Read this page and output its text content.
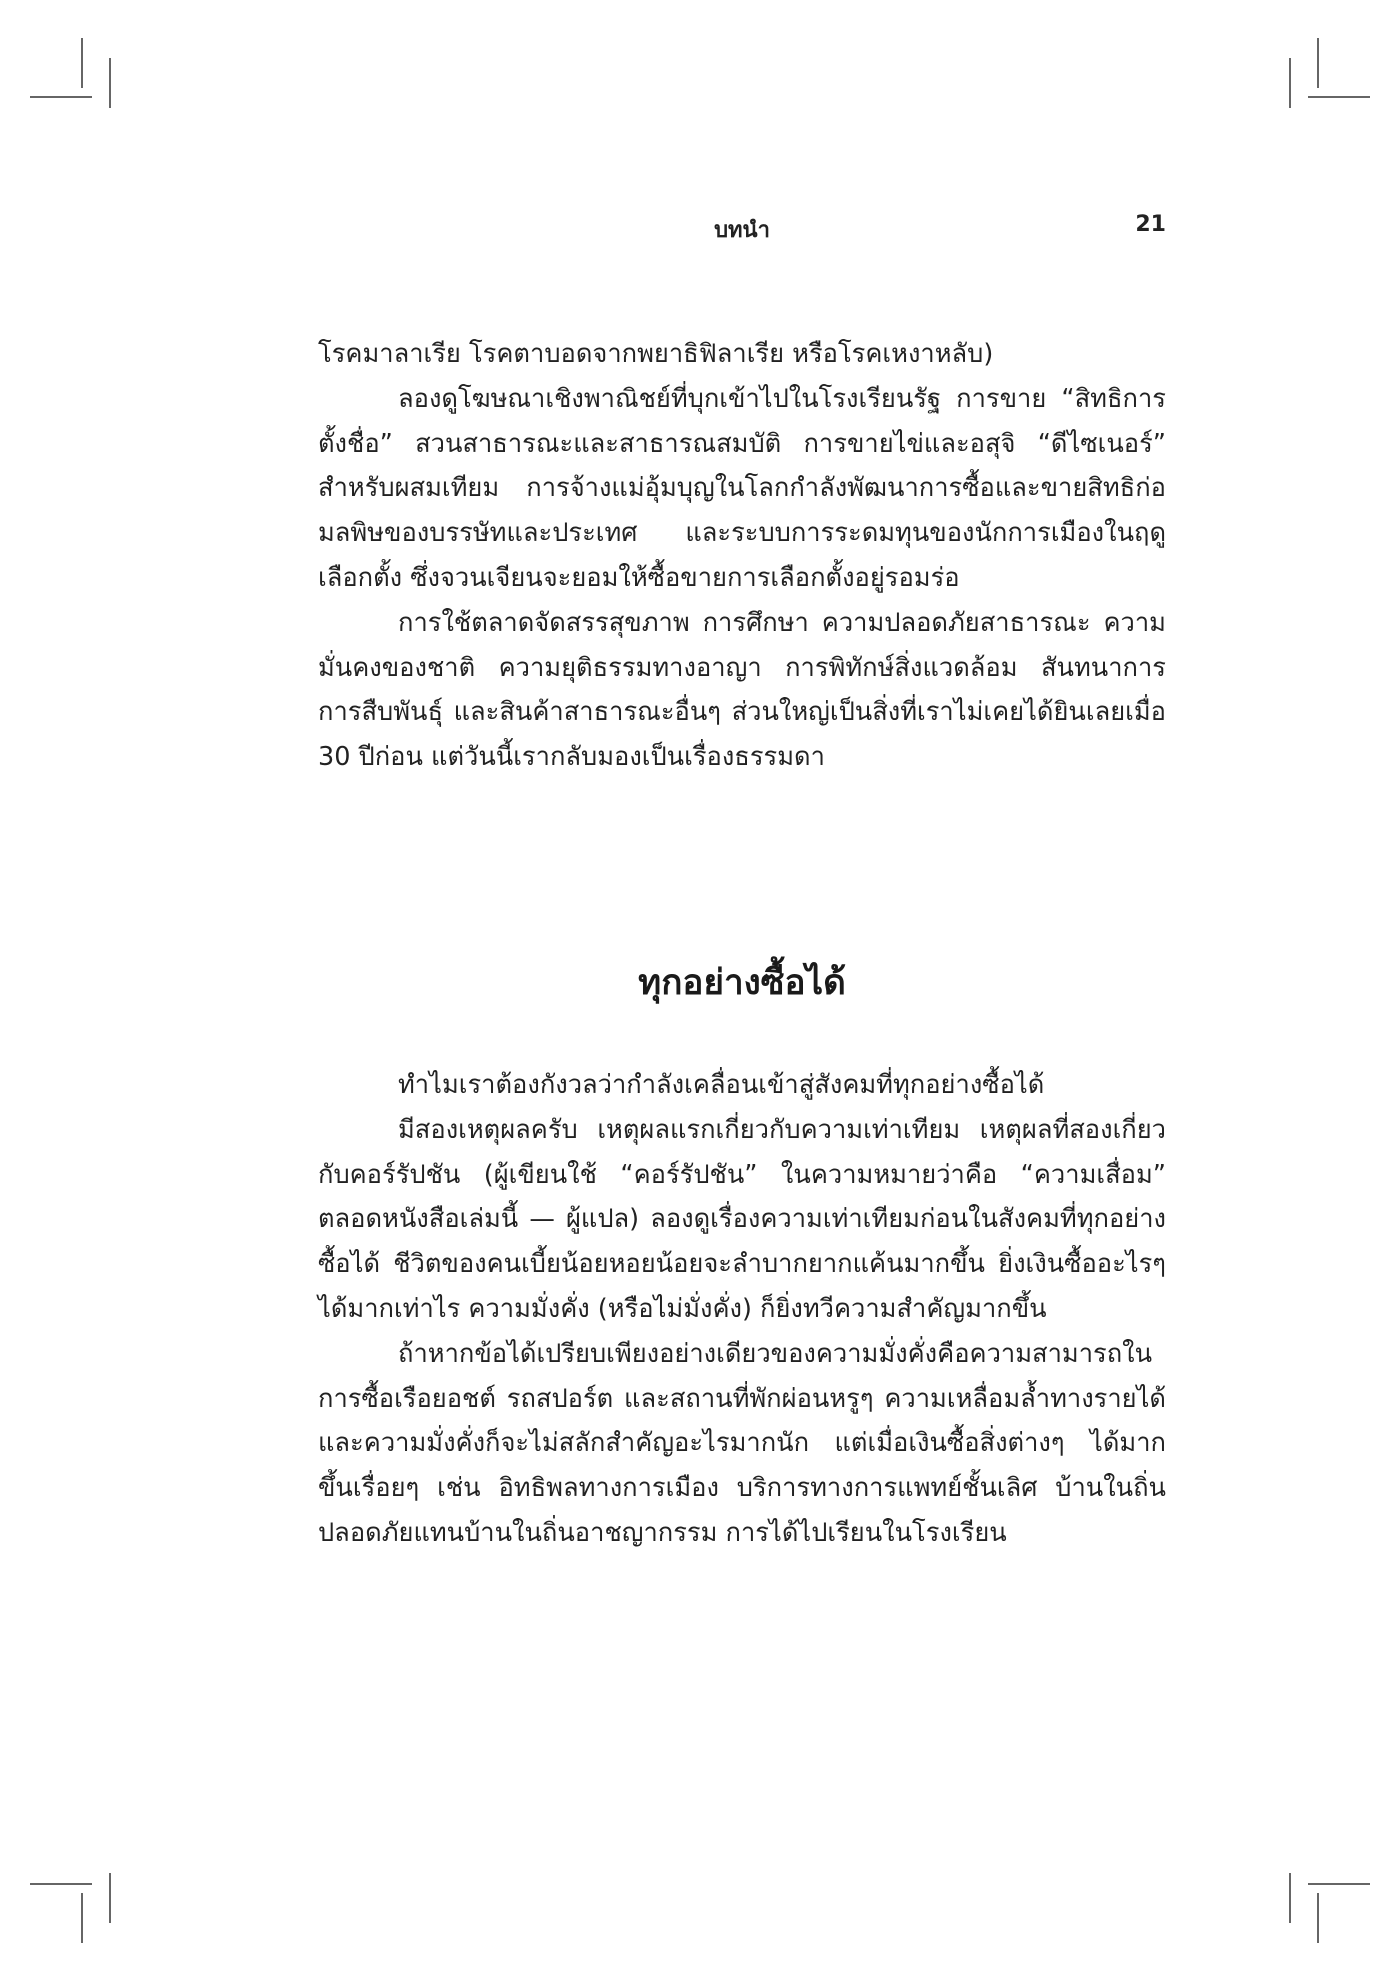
บทนำ	21

โรคมาลาเรีย โรคตาบอดจากพยาธิฟิลาเรีย หรือโรคเหงาหลับ)

ลองดูโฆษณาเชิงพาณิชย์ที่บุกเข้าไปในโรงเรียนรัฐ การขาย “สิทธิการตั้งชื่อ” สวนสาธารณะและสาธารณสมบัติ การขายไข่และอสุจิ “ดีไซเนอร์” สำหรับผสมเทียม การจ้างแม่อุ้มบุญในโลกกำลังพัฒนาการซื้อและขายสิทธิก่อมลพิษของบรรษัทและประเทศ และระบบการระดมทุนของนักการเมืองในฤดูเลือกตั้ง ซึ่งจวนเจียนจะยอมให้ซื้อขายการเลือกตั้งอยู่รอมร่อ

การใช้ตลาดจัดสรรสุขภาพ การศึกษา ความปลอดภัยสาธารณะ ความมั่นคงของชาติ ความยุติธรรมทางอาญา การพิทักษ์สิ่งแวดล้อม สันทนาการ การสืบพันธุ์ และสินค้าสาธารณะอื่นๆ ส่วนใหญ่เป็นสิ่งที่เราไม่เคยได้ยินเลยเมื่อ 30 ปีก่อน แต่วันนี้เรากลับมองเป็นเรื่องธรรมดา

ทุกอย่างซื้อได้

ทำไมเราต้องกังวลว่ากำลังเคลื่อนเข้าสู่สังคมที่ทุกอย่างซื้อได้

มีสองเหตุผลครับ เหตุผลแรกเกี่ยวกับความเท่าเทียม เหตุผลที่สองเกี่ยวกับคอร์รัปชัน (ผู้เขียนใช้ “คอร์รัปชัน” ในความหมายว่าคือ “ความเสื่อม” ตลอดหนังสือเล่มนี้ — ผู้แปล) ลองดูเรื่องความเท่าเทียมก่อนในสังคมที่ทุกอย่างซื้อได้ ชีวิตของคนเบี้ยน้อยหอยน้อยจะลำบากยากแค้นมากขึ้น ยิ่งเงินซื้ออะไรๆ ได้มากเท่าไร ความมั่งคั่ง (หรือไม่มั่งคั่ง) ก็ยิ่งทวีความสำคัญมากขึ้น

ถ้าหากข้อได้เปรียบเพียงอย่างเดียวของความมั่งคั่งคือความสามารถในการซื้อเรือยอชต์ รถสปอร์ต และสถานที่พักผ่อนหรูๆ ความเหลื่อมล้ำทางรายได้และความมั่งคั่งก็จะไม่สลักสำคัญอะไรมากนัก แต่เมื่อเงินซื้อสิ่งต่างๆ ได้มากขึ้นเรื่อยๆ เช่น อิทธิพลทางการเมือง บริการทางการแพทย์ชั้นเลิศ บ้านในถิ่นปลอดภัยแทนบ้านในถิ่นอาชญากรรม การได้ไปเรียนในโรงเรียน
